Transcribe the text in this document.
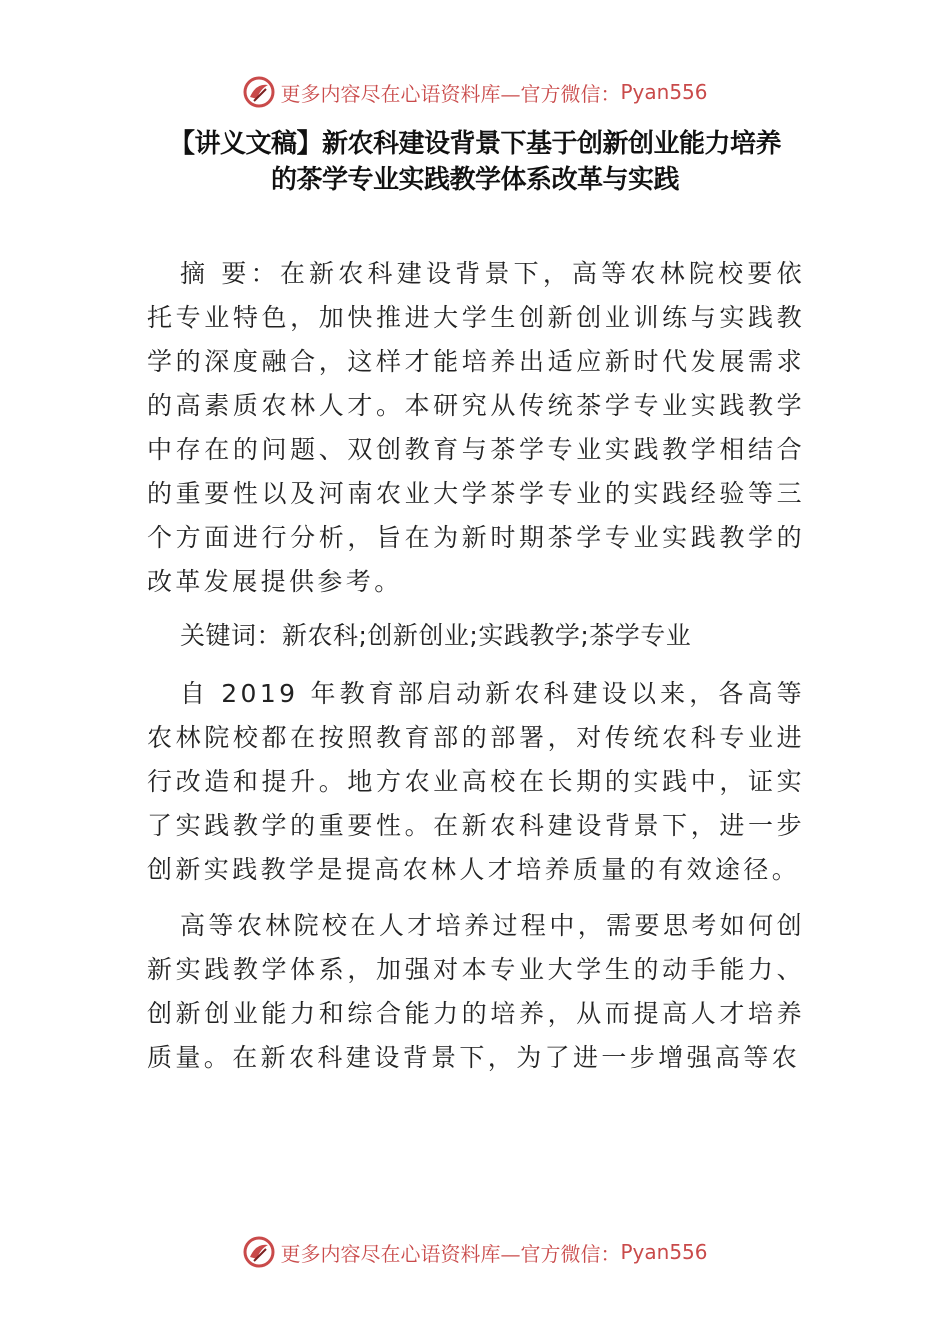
更多内容尽在心语资料库—官方微信： Pyan556
【讲义文稿】新农科建设背景下基于创新创业能力培养
的茶学专业实践教学体系改革与实践

摘 要：在新农科建设背景下，高等农林院校要依托专业特色，加快推进大学生创新创业训练与实践教学的深度融合，这样才能培养出适应新时代发展需求的高素质农林人才。本研究从传统茶学专业实践教学中存在的问题、双创教育与茶学专业实践教学相结合的重要性以及河南农业大学茶学专业的实践经验等三个方面进行分析，旨在为新时期茶学专业实践教学的改革发展提供参考。

关键词：新农科;创新创业;实践教学;茶学专业

自 2019 年教育部启动新农科建设以来，各高等农林院校都在按照教育部的部署，对传统农科专业进行改造和提升。地方农业高校在长期的实践中，证实了实践教学的重要性。在新农科建设背景下，进一步创新实践教学是提高农林人才培养质量的有效途径。

高等农林院校在人才培养过程中，需要思考如何创新实践教学体系，加强对本专业大学生的动手能力、创新创业能力和综合能力的培养，从而提高人才培养质量。在新农科建设背景下，为了进一步增强高等农

更多内容尽在心语资料库—官方微信： Pyan556
